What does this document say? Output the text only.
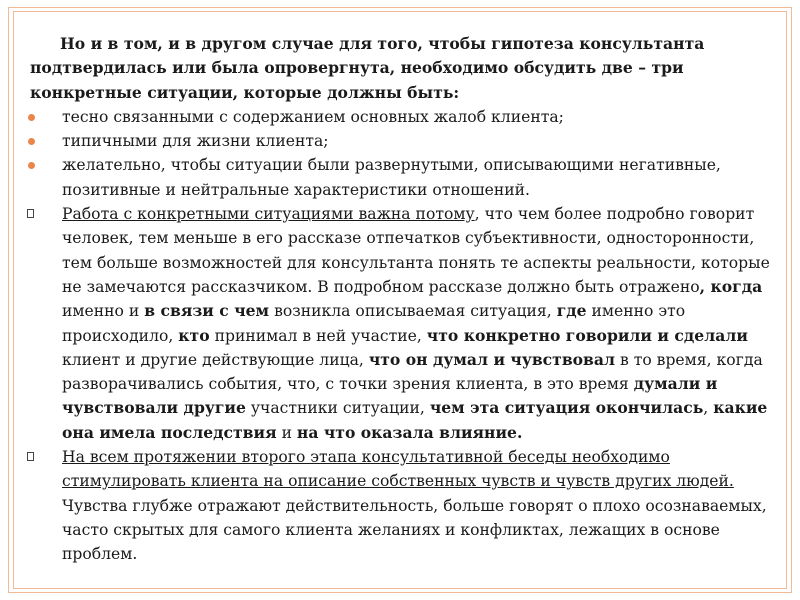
Но и в том, и в другом случае для того, чтобы гипотеза консультанта подтвердилась или была опровергнута, необходимо обсудить две – три конкретные ситуации, которые должны быть:

тесно связанными с содержанием основных жалоб клиента;

типичными для жизни клиента;

желательно, чтобы ситуации были развернутыми, описывающими негативные, позитивные и нейтральные характеристики отношений.

Работа с конкретными ситуациями важна потому, что чем более подробно говорит человек, тем меньше в его рассказе отпечатков субъективности, односторонности, тем больше возможностей для консультанта понять те аспекты реальности, которые не замечаются рассказчиком. В подробном рассказе должно быть отражено, когда именно и в связи с чем возникла описываемая ситуация, где именно это происходило, кто принимал в ней участие, что конкретно говорили и сделали клиент и другие действующие лица, что он думал и чувствовал в то время, когда разворачивались события, что, с точки зрения клиента, в это время думали и чувствовали другие участники ситуации, чем эта ситуация окончилась, какие она имела последствия и на что оказала влияние.

На всем протяжении второго этапа консультативной беседы необходимо стимулировать клиента на описание собственных чувств и чувств других людей. Чувства глубже отражают действительность, больше говорят о плохо осознаваемых, часто скрытых для самого клиента желаниях и конфликтах, лежащих в основе проблем.
